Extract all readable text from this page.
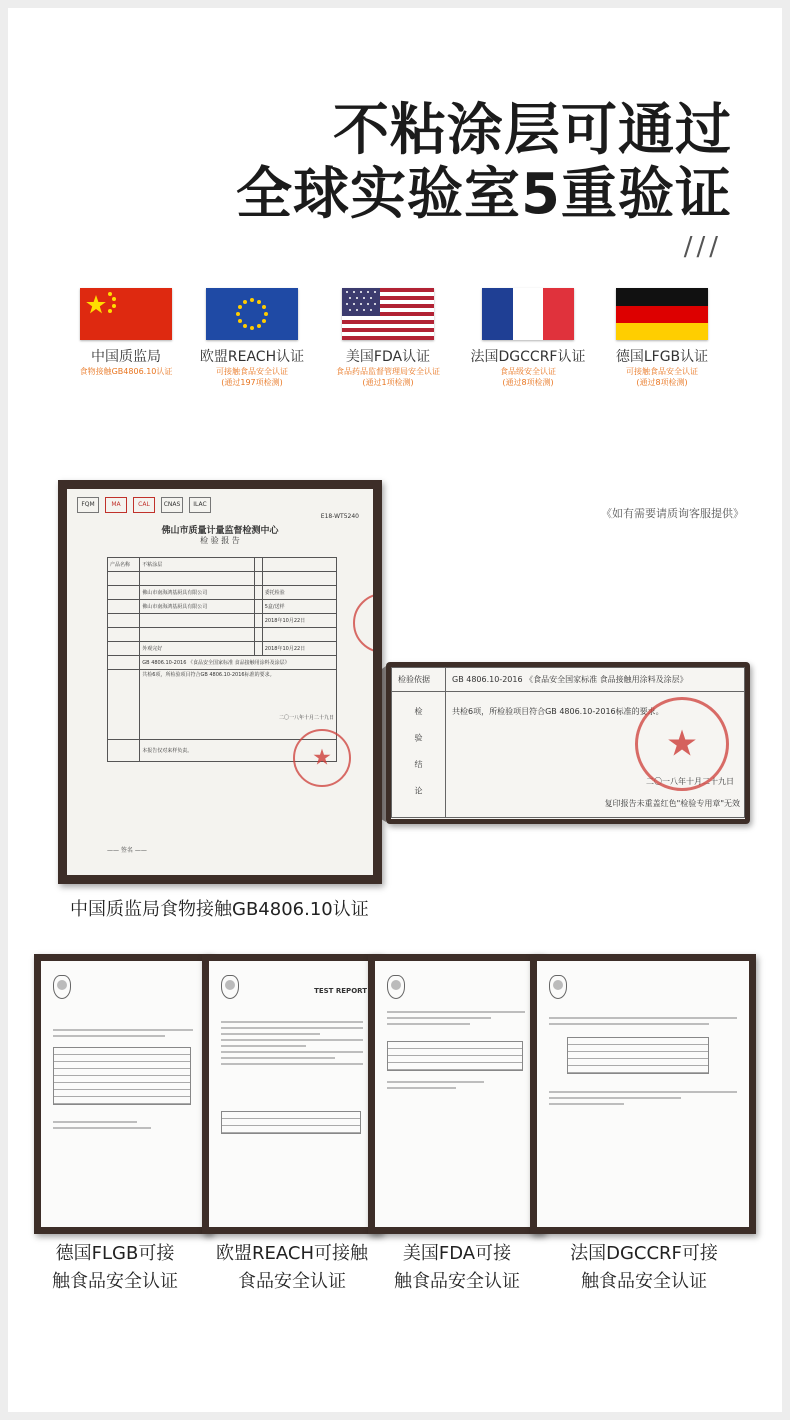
不粘涂层可通过
全球实验室5重验证
///
中国质监局
食物接触GB4806.10认证
欧盟REACH认证
可接触食品安全认证
(通过197项检测)
美国FDA认证
食品药品监督管理局安全认证
(通过1项检测)
法国DGCCRF认证
食品级安全认证
(通过8项检测)
德国LFGB认证
可接触食品安全认证
(通过8项检测)
《如有需要请质询客服提供》
FQM	MA	CAL	CNAS	ILAC
E18-WT5240
佛山市质量计量监督检测中心
检 验 报 告
产品名称	不粘涂层		

	佛山市南海鸿基厨具有限公司		委托检验
	佛山市南海鸿基厨具有限公司		5盒/送样
			2018年10月22日

	外观完好		2018年10月22日
	GB 4806.10-2016 《食品安全国家标准 食品接触用涂料及涂层》		

	共检6项，所检验项目符合GB 4806.10-2016标准的要求。
二〇一八年十月二十九日		

	本报告仅对来样负责。			★
—— 签名 ——
检验依据	GB 4806.10-2016 《食品安全国家标准 食品接触用涂料及涂层》
检 验 结 论	共检6项，所检验项目符合GB 4806.10-2016标准的要求。
二〇一八年十月二十九日
复印报告未重盖红色"检验专用章"无效
★
中国质监局食物接触GB4806.10认证
TEST REPORT
德国FLGB可接
触食品安全认证
欧盟REACH可接触
食品安全认证
美国FDA可接
触食品安全认证
法国DGCCRF可接
触食品安全认证
